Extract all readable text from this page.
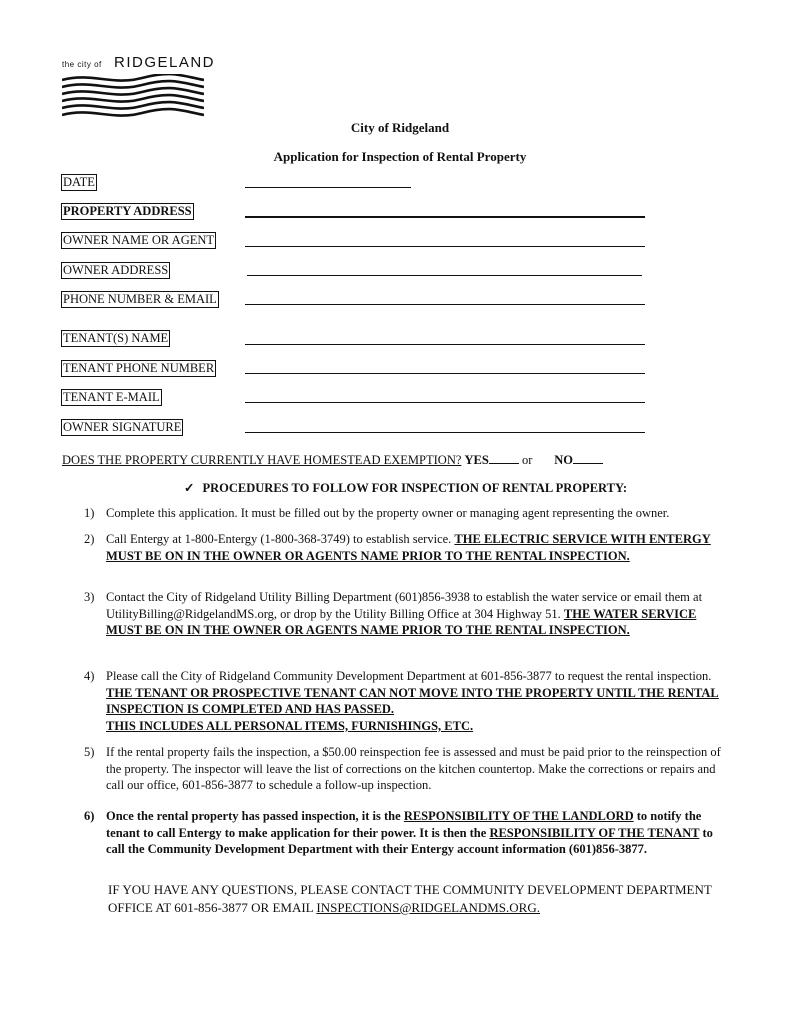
the city of RIDGELAND
City of Ridgeland
Application for Inspection of Rental Property
DATE
PROPERTY ADDRESS
OWNER NAME OR AGENT
OWNER ADDRESS
PHONE NUMBER & EMAIL
TENANT(S) NAME
TENANT PHONE NUMBER
TENANT E-MAIL
OWNER SIGNATURE
DOES THE PROPERTY CURRENTLY HAVE HOMESTEAD EXEMPTION? YES	or NO
✓ PROCEDURES TO FOLLOW FOR INSPECTION OF RENTAL PROPERTY:
1) Complete this application. It must be filled out by the property owner or managing agent representing the owner.
2) Call Entergy at 1-800-Entergy (1-800-368-3749) to establish service. THE ELECTRIC SERVICE WITH ENTERGY MUST BE ON IN THE OWNER OR AGENTS NAME PRIOR TO THE RENTAL INSPECTION.
3) Contact the City of Ridgeland Utility Billing Department (601)856-3938 to establish the water service or email them at UtilityBilling@RidgelandMS.org, or drop by the Utility Billing Office at 304 Highway 51. THE WATER SERVICE MUST BE ON IN THE OWNER OR AGENTS NAME PRIOR TO THE RENTAL INSPECTION.
4) Please call the City of Ridgeland Community Development Department at 601-856-3877 to request the rental inspection. THE TENANT OR PROSPECTIVE TENANT CAN NOT MOVE INTO THE PROPERTY UNTIL THE RENTAL INSPECTION IS COMPLETED AND HAS PASSED.
THIS INCLUDES ALL PERSONAL ITEMS, FURNISHINGS, ETC.
5) If the rental property fails the inspection, a $50.00 reinspection fee is assessed and must be paid prior to the reinspection of the property. The inspector will leave the list of corrections on the kitchen countertop. Make the corrections or repairs and call our office, 601-856-3877 to schedule a follow-up inspection.
6) Once the rental property has passed inspection, it is the RESPONSIBILITY OF THE LANDLORD to notify the tenant to call Entergy to make application for their power. It is then the RESPONSIBILITY OF THE TENANT to call the Community Development Department with their Entergy account information (601)856-3877.
IF YOU HAVE ANY QUESTIONS, PLEASE CONTACT THE COMMUNITY DEVELOPMENT DEPARTMENT OFFICE AT 601-856-3877 OR EMAIL INSPECTIONS@RIDGELANDMS.ORG.
